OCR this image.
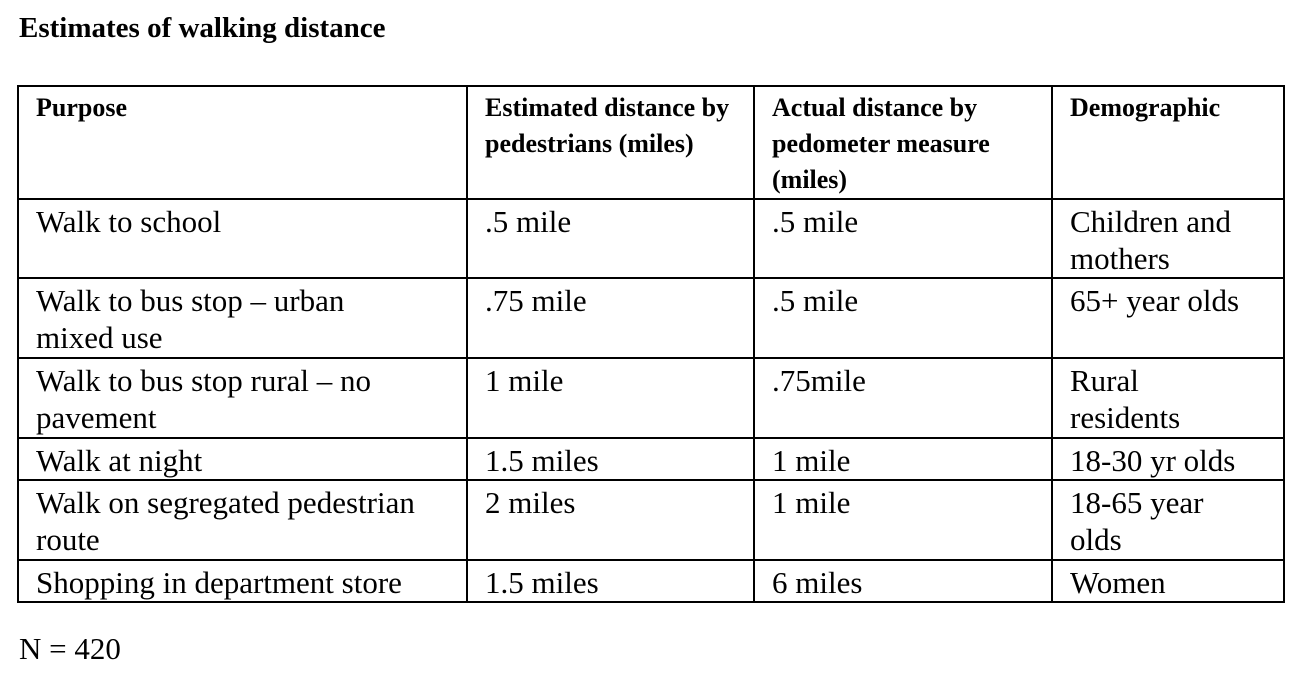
Estimates of walking distance
Purpose	Estimated distance by pedestrians (miles)	Actual distance by pedometer measure (miles)	Demographic

Walk to school	.5 mile	.5 mile	Children and mothers

Walk to bus stop – urban mixed use	.75 mile	.5 mile	65+ year olds

Walk to bus stop rural – no pavement	1 mile	.75mile	Rural residents

Walk at night	1.5 miles	1 mile	18-30 yr olds

Walk on segregated pedestrian route	2 miles	1 mile	18-65 year olds

Shopping in department store	1.5 miles	6 miles	Women

N = 420
